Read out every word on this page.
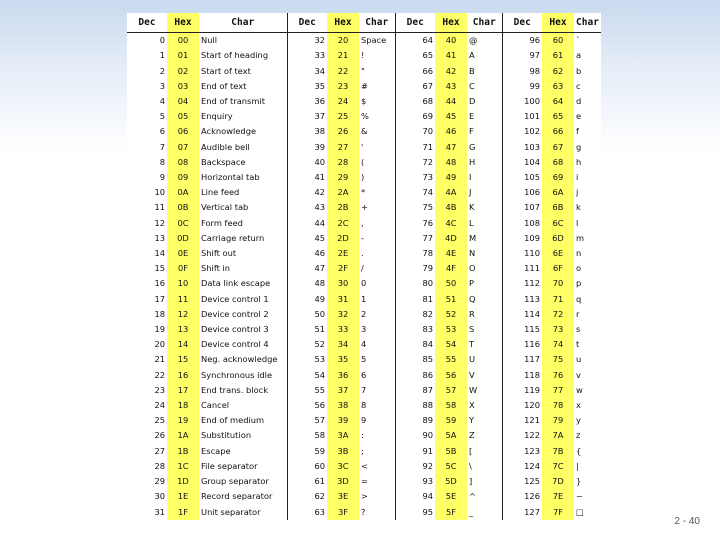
Dec	Hex	Char	Dec	Hex	Char	Dec	Hex	Char	Dec	Hex	Char
0	00	Null	32	20	Space	64	40	@	96	60	`
1	01	Start of heading	33	21	!	65	41	A	97	61	a
2	02	Start of text	34	22	"	66	42	B	98	62	b
3	03	End of text	35	23	#	67	43	C	99	63	c
4	04	End of transmit	36	24	$	68	44	D	100	64	d
5	05	Enquiry	37	25	%	69	45	E	101	65	e
6	06	Acknowledge	38	26	&	70	46	F	102	66	f
7	07	Audible bell	39	27	'	71	47	G	103	67	g
8	08	Backspace	40	28	(	72	48	H	104	68	h
9	09	Horizontal tab	41	29	)	73	49	I	105	69	i
10	0A	Line feed	42	2A	*	74	4A	J	106	6A	j
11	0B	Vertical tab	43	2B	+	75	4B	K	107	6B	k
12	0C	Form feed	44	2C	,	76	4C	L	108	6C	l
13	0D	Carriage return	45	2D	-	77	4D	M	109	6D	m
14	0E	Shift out	46	2E	.	78	4E	N	110	6E	n
15	0F	Shift in	47	2F	/	79	4F	O	111	6F	o
16	10	Data link escape	48	30	0	80	50	P	112	70	p
17	11	Device control 1	49	31	1	81	51	Q	113	71	q
18	12	Device control 2	50	32	2	82	52	R	114	72	r
19	13	Device control 3	51	33	3	83	53	S	115	73	s
20	14	Device control 4	52	34	4	84	54	T	116	74	t
21	15	Neg. acknowledge	53	35	5	85	55	U	117	75	u
22	16	Synchronous idle	54	36	6	86	56	V	118	76	v
23	17	End trans. block	55	37	7	87	57	W	119	77	w
24	18	Cancel	56	38	8	88	58	X	120	78	x
25	19	End of medium	57	39	9	89	59	Y	121	79	y
26	1A	Substitution	58	3A	:	90	5A	Z	122	7A	z
27	1B	Escape	59	3B	;	91	5B	[	123	7B	{
28	1C	File separator	60	3C	<	92	5C	\	124	7C	|
29	1D	Group separator	61	3D	=	93	5D	]	125	7D	}
30	1E	Record separator	62	3E	>	94	5E	^	126	7E	~
31	1F	Unit separator	63	3F	?	95	5F	_	127	7F	□
2 - 40
